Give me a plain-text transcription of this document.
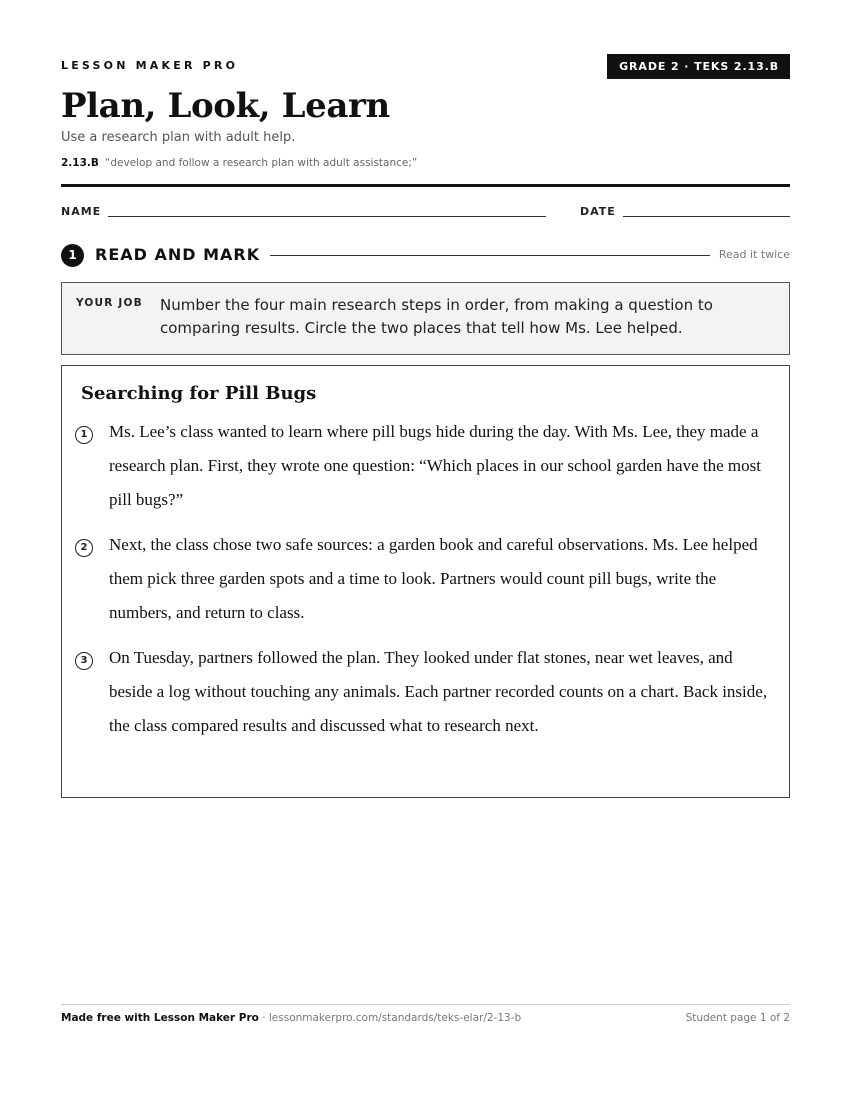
LESSON MAKER PRO	GRADE 2 · TEKS 2.13.B
Plan, Look, Learn
Use a research plan with adult help.
2.13.B “develop and follow a research plan with adult assistance;”
NAME	DATE
1	READ AND MARK	Read it twice
YOUR JOB Number the four main research steps in order, from making a question to comparing results. Circle the two places that tell how Ms. Lee helped.
Searching for Pill Bugs
1	Ms. Lee’s class wanted to learn where pill bugs hide during the day. With Ms. Lee, they made a research plan. First, they wrote one question: “Which places in our school garden have the most pill bugs?”
2	Next, the class chose two safe sources: a garden book and careful observations. Ms. Lee helped them pick three garden spots and a time to look. Partners would count pill bugs, write the numbers, and return to class.
3	On Tuesday, partners followed the plan. They looked under flat stones, near wet leaves, and beside a log without touching any animals. Each partner recorded counts on a chart. Back inside, the class compared results and discussed what to research next.
Made free with Lesson Maker Pro · lessonmakerpro.com/standards/teks-elar/2-13-b	Student page 1 of 2
